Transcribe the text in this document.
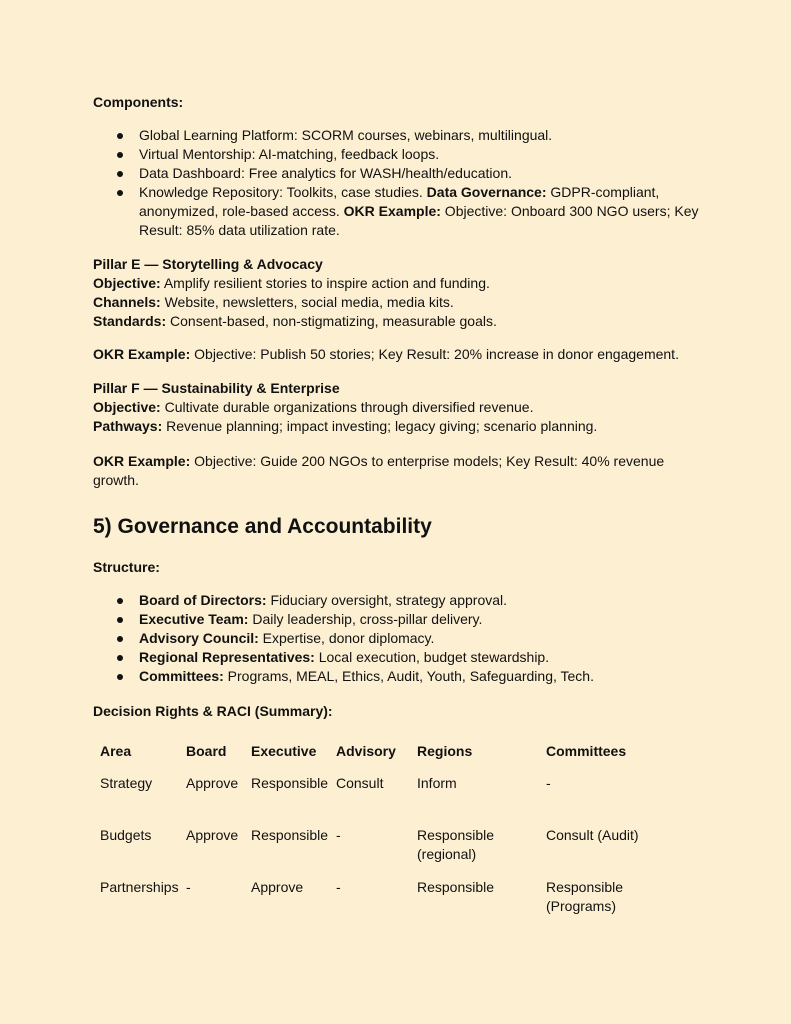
Components:
Global Learning Platform: SCORM courses, webinars, multilingual.
Virtual Mentorship: AI-matching, feedback loops.
Data Dashboard: Free analytics for WASH/health/education.
Knowledge Repository: Toolkits, case studies. Data Governance: GDPR-compliant, anonymized, role-based access. OKR Example: Objective: Onboard 300 NGO users; Key Result: 85% data utilization rate.
Pillar E — Storytelling & Advocacy
Objective: Amplify resilient stories to inspire action and funding.
Channels: Website, newsletters, social media, media kits.
Standards: Consent-based, non-stigmatizing, measurable goals.
OKR Example: Objective: Publish 50 stories; Key Result: 20% increase in donor engagement.
Pillar F — Sustainability & Enterprise
Objective: Cultivate durable organizations through diversified revenue.
Pathways: Revenue planning; impact investing; legacy giving; scenario planning.
OKR Example: Objective: Guide 200 NGOs to enterprise models; Key Result: 40% revenue growth.
5) Governance and Accountability
Structure:
Board of Directors: Fiduciary oversight, strategy approval.
Executive Team: Daily leadership, cross-pillar delivery.
Advisory Council: Expertise, donor diplomacy.
Regional Representatives: Local execution, budget stewardship.
Committees: Programs, MEAL, Ethics, Audit, Youth, Safeguarding, Tech.
Decision Rights & RACI (Summary):
Area	Board	Executive	Advisory	Regions	Committees
Strategy	Approve	Responsible	Consult	Inform	-
Budgets	Approve	Responsible	-	Responsible (regional)	Consult (Audit)
Partnerships	-	Approve	-	Responsible	Responsible (Programs)
